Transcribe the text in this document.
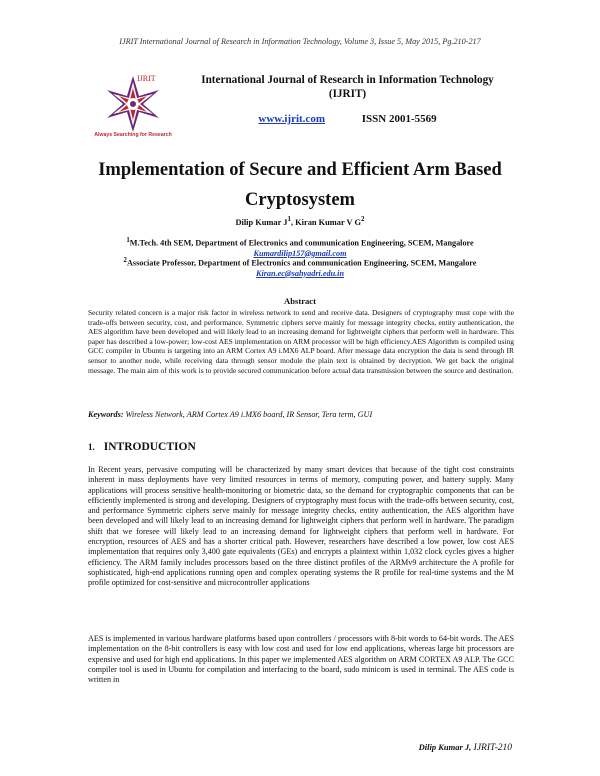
IJRIT International Journal of Research in Information Technology, Volume 3, Issue 5, May 2015, Pg.210-217
Always Searching for Research
IJRIT	International Journal of Research in Information Technology
(IJRIT)
www.ijrit.com	ISSN 2001-5569
Implementation of Secure and Efficient Arm Based
Cryptosystem
Dilip Kumar $J^1$, Kiran Kumar V $G^2$
$^1$M.Tech. 4th SEM, Department of Electronics and communication Engineering, SCEM, Mangalore
Kumardilip157@gmail.com
$^2$Associate Professor, Department of Electronics and communication Engineering, SCEM, Mangalore
Kiran.ec@sahyadri.edu.in
Abstract
Security related concern is a major risk factor in wireless network to send and receive data. Designers of cryptography must cope with the trade-offs between security, cost, and performance. Symmetric ciphers serve mainly for message integrity checks, entity authentication, the AES algorithm have been developed and will likely lead to an increasing demand for lightweight ciphers that perform well in hardware. This paper has described a low-power; low-cost AES implementation on ARM processor will be high efficiency.AES Algorithm is compiled using GCC compiler in Ubuntu is targeting into an ARM Cortex A9 i.MX6 ALP board. After message data encryption the data is send through IR sensor to another node, while receiving data through sensor module the plain text is obtained by decryption. We get back the original message. The main aim of this work is to provide secured communication before actual data transmission between the source and destination.
Keywords: Wireless Network, ARM Cortex A9 i.MX6 board, IR Sensor, Tera term, GUI
1. INTRODUCTION
In Recent years, pervasive computing will be characterized by many smart devices that because of the tight cost constraints inherent in mass deployments have very limited resources in terms of memory, computing power, and battery supply. Many applications will process sensitive health-monitoring or biometric data, so the demand for cryptographic components that can be efficiently implemented is strong and developing. Designers of cryptography must focus with the trade-offs between security, cost, and performance Symmetric ciphers serve mainly for message integrity checks, entity authentication, the AES algorithm have been developed and will likely lead to an increasing demand for lightweight ciphers that perform well in hardware. The paradigm shift that we foresee will likely lead to an increasing demand for lightweight ciphers that perform well in hardware. For encryption, resources of AES and has a shorter critical path. However, researchers have described a low power, low cost AES implementation that requires only 3,400 gate equivalents (GEs) and encrypts a plaintext within 1,032 clock cycles gives a higher efficiency. The ARM family includes processors based on the three distinct profiles of the ARMv9 architecture the A profile for sophisticated, high-end applications running open and complex operating systems the R profile for real-time systems and the M profile optimized for cost-sensitive and microcontroller applications
AES is implemented in various hardware platforms based upon controllers / processors with 8-bit words to 64-bit words. The AES implementation on the 8-bit controllers is easy with low cost and used for low end applications, whereas large bit processors are expensive and used for high end applications. In this paper we implemented AES algorithm on ARM CORTEX A9 ALP. The GCC compiler tool is used in Ubuntu for compilation and interfacing to the board, sudo minicom is used in terminal. The AES code is written in
Dilip Kumar J, IJRIT-210
